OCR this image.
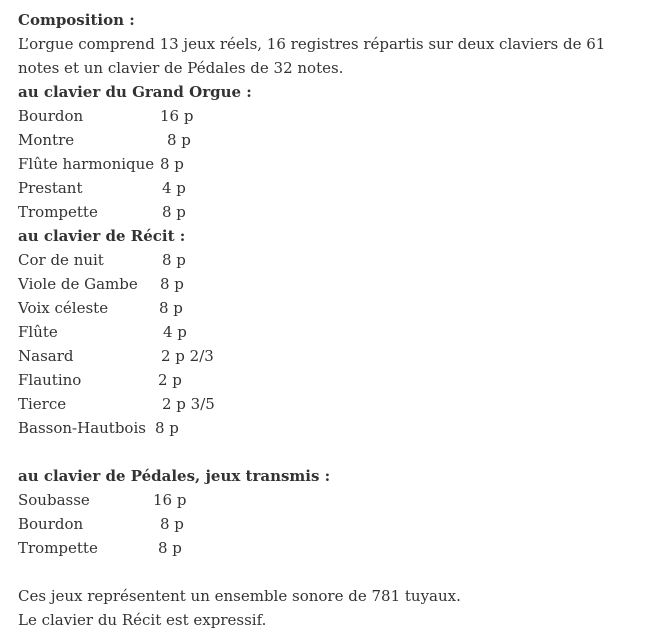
Composition :
L’orgue comprend 13 jeux réels, 16 registres répartis sur deux claviers de 61 notes et un clavier de Pédales de 32 notes.
au clavier du Grand Orgue :
Bourdon	16 p
Montre	8 p
Flûte harmonique 8 p
Prestant	4 p
Trompette	8 p
au clavier de Récit :
Cor de nuit	8 p
Viole de Gambe 8 p
Voix céleste	8 p
Flûte	4 p
Nasard	2 p 2/3
Flautino	2 p
Tierce	2 p 3/5
Basson-Hautbois 8 p
au clavier de Pédales, jeux transmis :
Soubasse	16 p
Bourdon	8 p
Trompette	8 p
Ces jeux représentent un ensemble sonore de 781 tuyaux.
Le clavier du Récit est expressif.
